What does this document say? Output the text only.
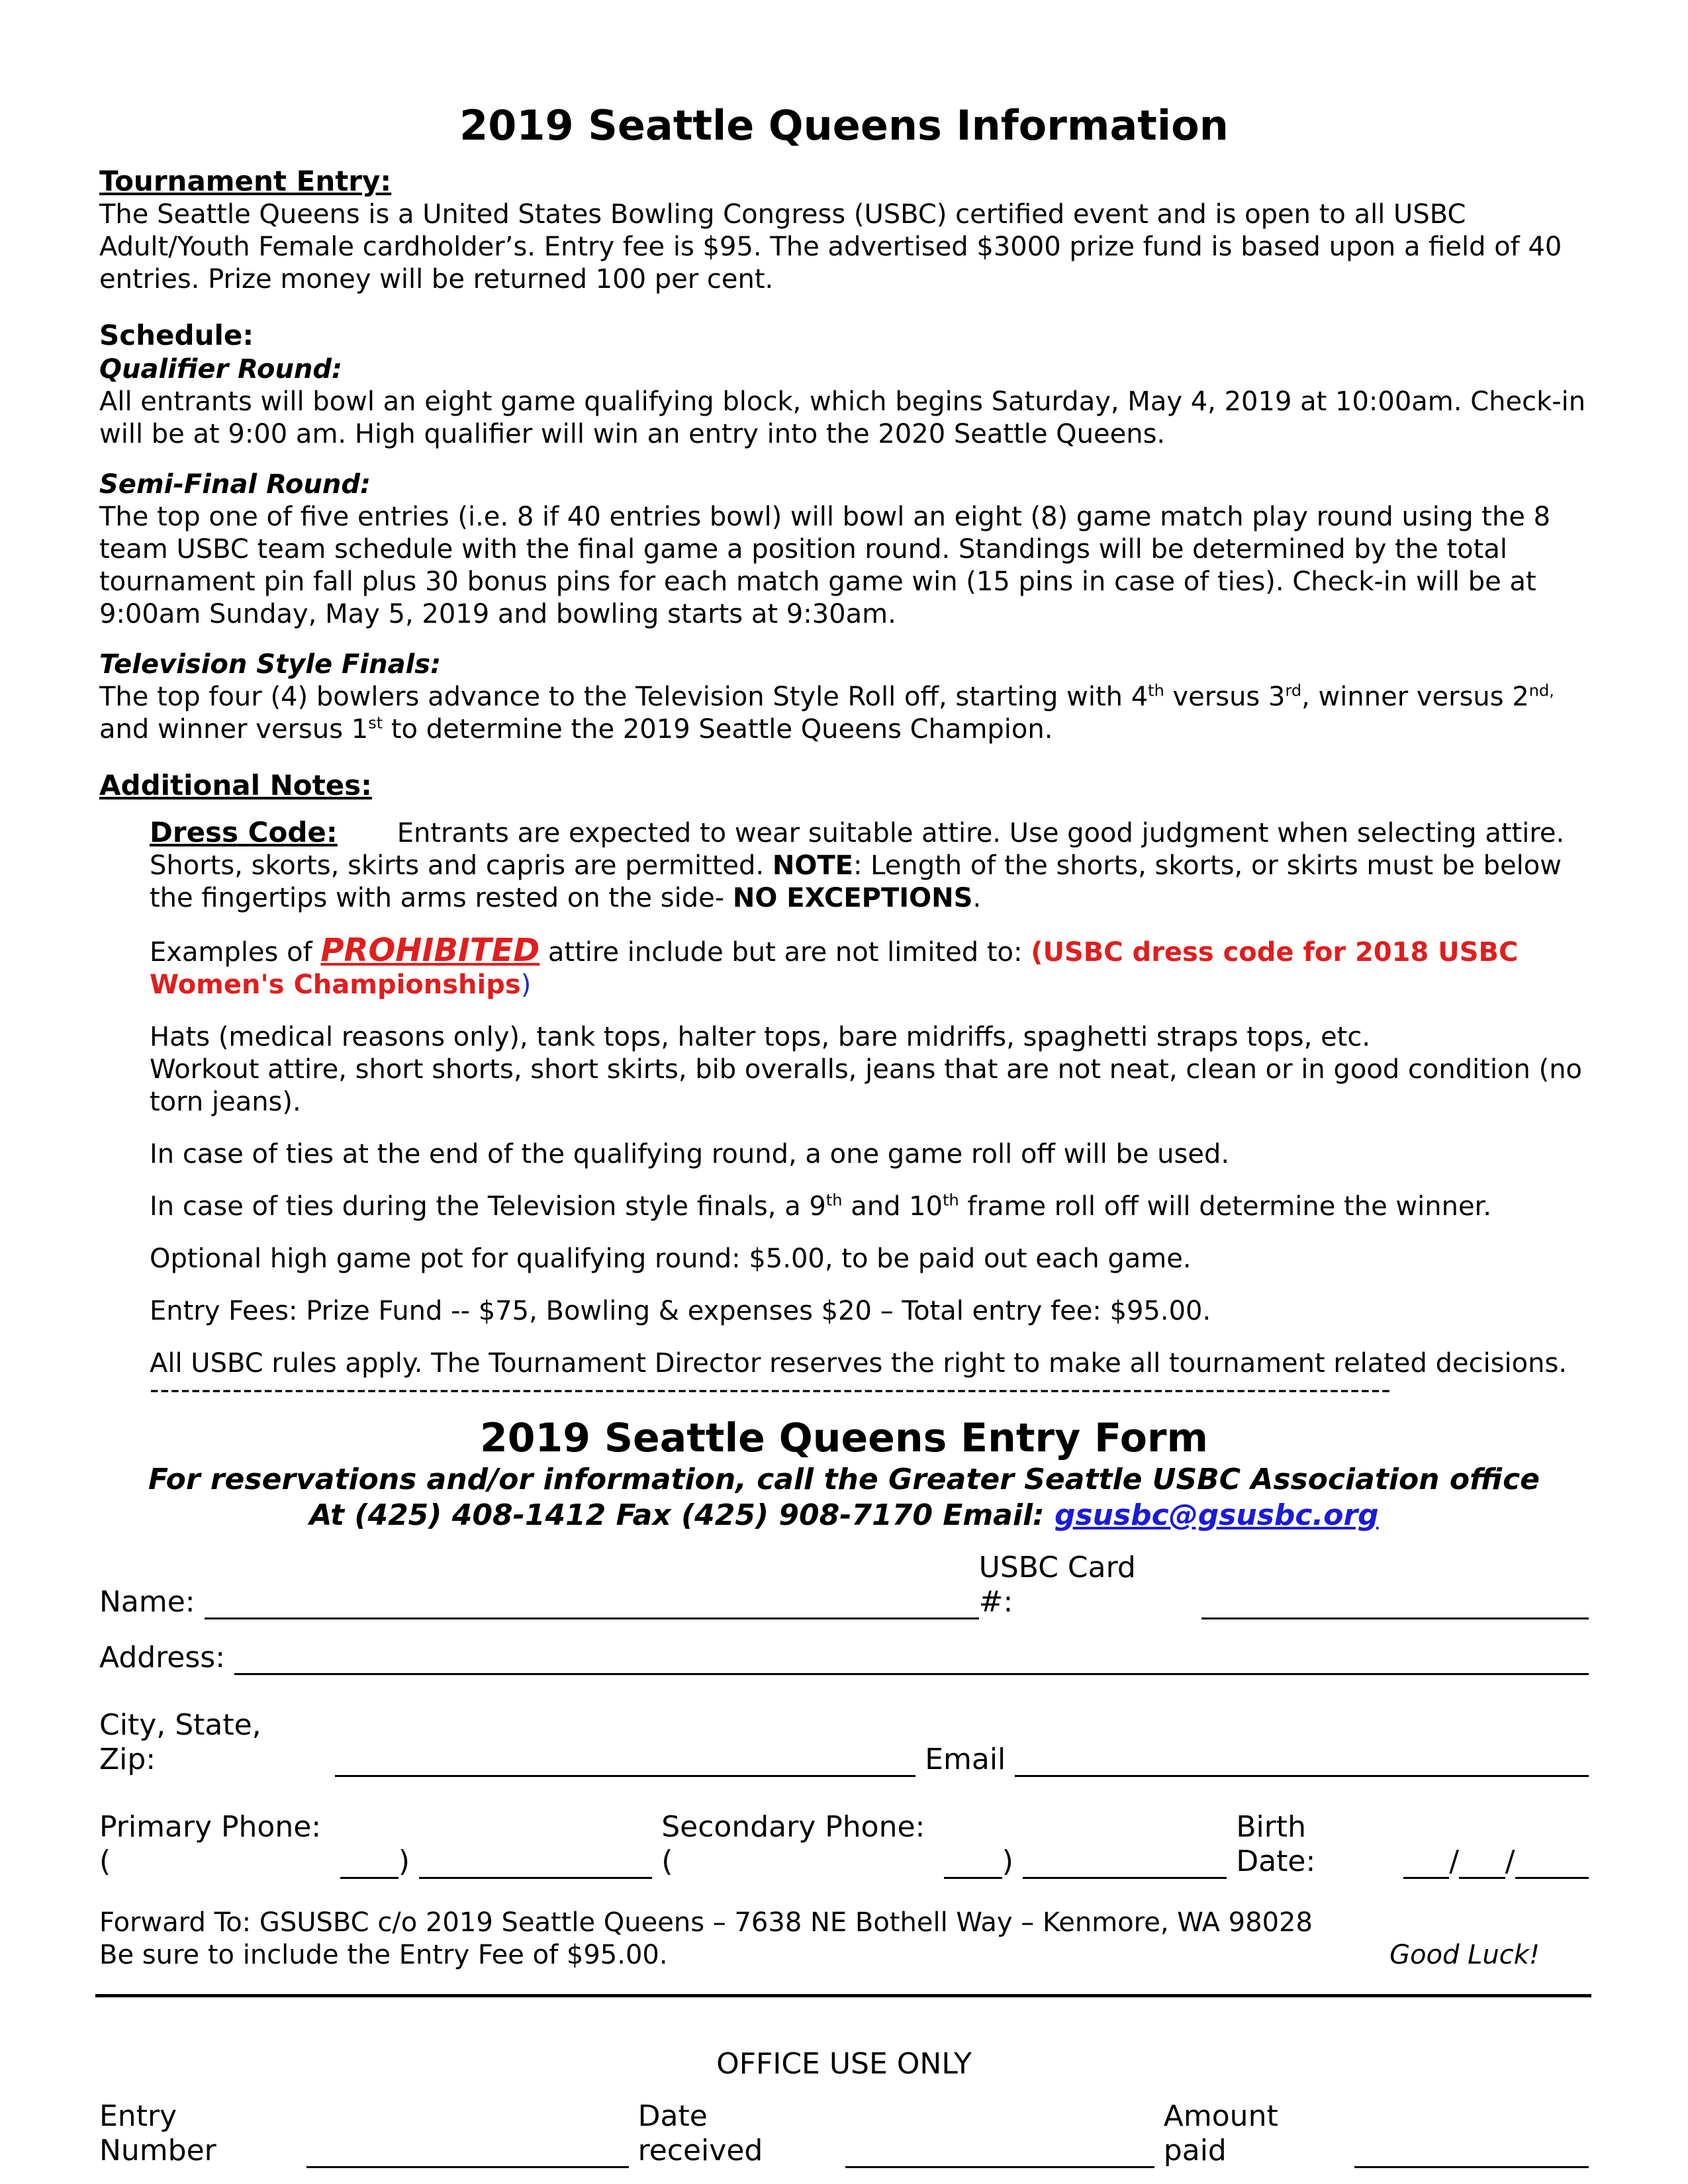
2019 Seattle Queens Information

Tournament Entry:

The Seattle Queens is a United States Bowling Congress (USBC) certified event and is open to all USBC Adult/Youth Female cardholder’s. Entry fee is $95. The advertised $3000 prize fund is based upon a field of 40 entries. Prize money will be returned 100 per cent.

Schedule:

Qualifier Round:

All entrants will bowl an eight game qualifying block, which begins Saturday, May 4, 2019 at 10:00am. Check-in will be at 9:00 am. High qualifier will win an entry into the 2020 Seattle Queens.

Semi-Final Round:

The top one of five entries (i.e. 8 if 40 entries bowl) will bowl an eight (8) game match play round using the 8 team USBC team schedule with the final game a position round. Standings will be determined by the total tournament pin fall plus 30 bonus pins for each match game win (15 pins in case of ties). Check-in will be at 9:00am Sunday, May 5, 2019 and bowling starts at 9:30am.

Television Style Finals:

The top four (4) bowlers advance to the Television Style Roll off, starting with 4th versus 3rd, winner versus $2^{nd,}$ and winner versus 1st to determine the 2019 Seattle Queens Champion.

Additional Notes:

Dress Code: Entrants are expected to wear suitable attire. Use good judgment when selecting attire. Shorts, skorts, skirts and capris are permitted. NOTE: Length of the shorts, skorts, or skirts must be below the fingertips with arms rested on the side- NO EXCEPTIONS.

Examples of PROHIBITED attire include but are not limited to: (USBC dress code for 2018 USBC Women's Championships)

Hats (medical reasons only), tank tops, halter tops, bare midriffs, spaghetti straps tops, etc.
Workout attire, short shorts, short skirts, bib overalls, jeans that are not neat, clean or in good condition (no torn jeans).

In case of ties at the end of the qualifying round, a one game roll off will be used.

In case of ties during the Television style finals, a 9th and 10th frame roll off will determine the winner.

Optional high game pot for qualifying round: $5.00, to be paid out each game.

Entry Fees: Prize Fund -- $75, Bowling & expenses $20 – Total entry fee: $95.00.

All USBC rules apply. The Tournament Director reserves the right to make all tournament related decisions.

------------------------------------------------------------------------------------------------------------------------

2019 Seattle Queens Entry Form

For reservations and/or information, call the Greater Seattle USBC Association office

At (425) 408-1412 Fax (425) 908-7170 Email: gsusbc@gsusbc.org

Name:
USBC Card #:
Address:
City, State, Zip:	Email
Primary Phone: (	)
Secondary Phone: (	)
Birth Date:	/ /

Forward To: GSUSBC c/o 2019 Seattle Queens – 7638 NE Bothell Way – Kenmore, WA 98028

Be sure to include the Entry Fee of $95.00.	Good Luck!

OFFICE USE ONLY

Entry Number
Date received
Amount paid
